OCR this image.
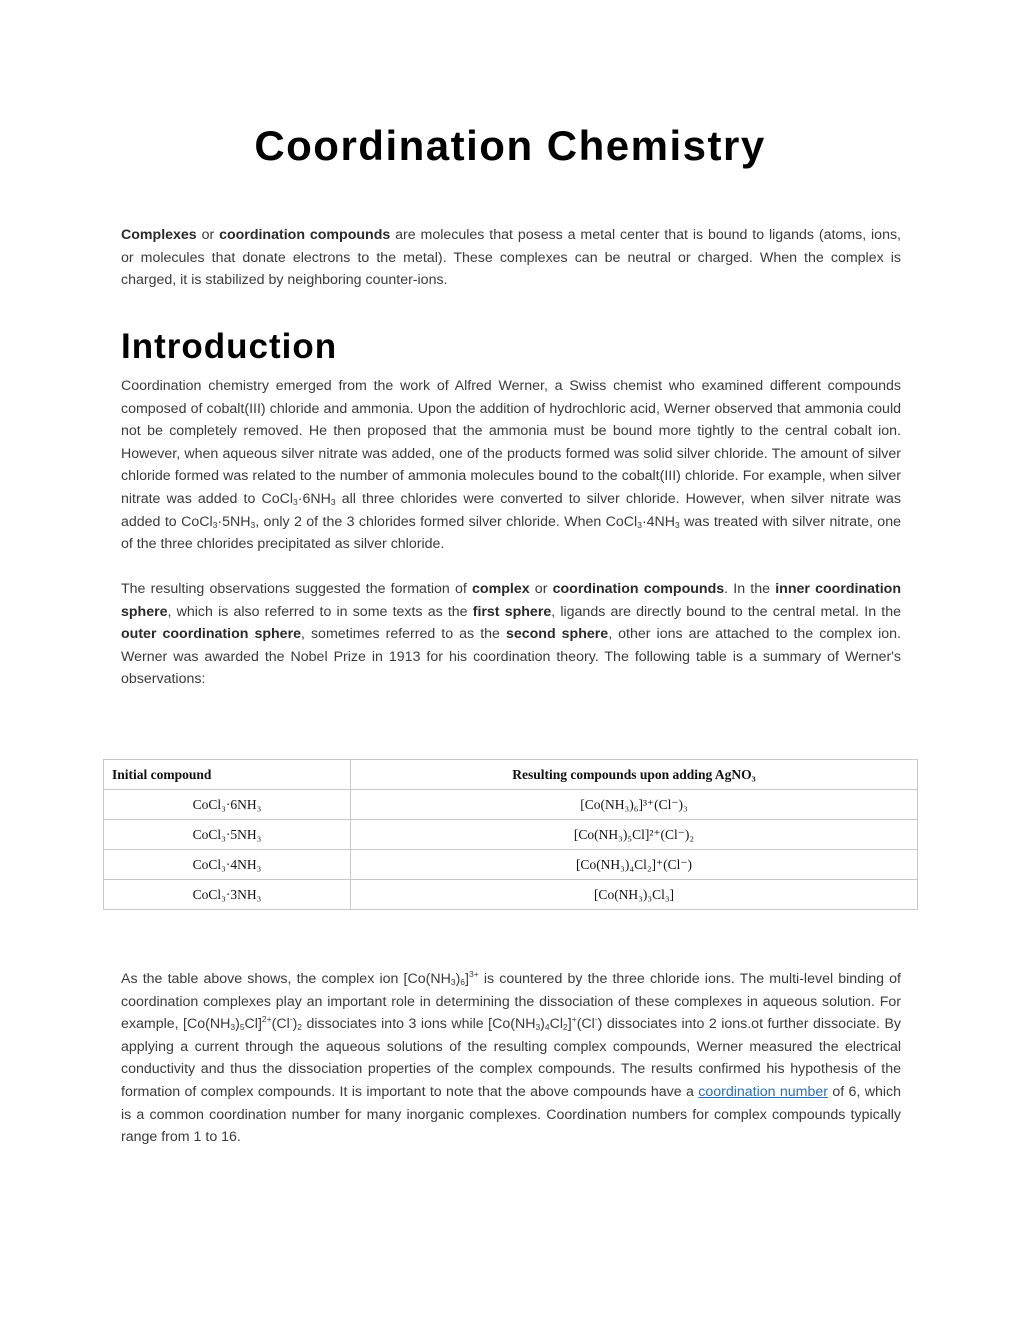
Coordination Chemistry

Complexes or coordination compounds are molecules that posess a metal center that is bound to ligands (atoms, ions, or molecules that donate electrons to the metal). These complexes can be neutral or charged. When the complex is charged, it is stabilized by neighboring counter-ions.

Introduction

Coordination chemistry emerged from the work of Alfred Werner, a Swiss chemist who examined different compounds composed of cobalt(III) chloride and ammonia. Upon the addition of hydrochloric acid, Werner observed that ammonia could not be completely removed. He then proposed that the ammonia must be bound more tightly to the central cobalt ion. However, when aqueous silver nitrate was added, one of the products formed was solid silver chloride. The amount of silver chloride formed was related to the number of ammonia molecules bound to the cobalt(III) chloride. For example, when silver nitrate was added to $CoCl_3\cdot 6NH_3$ all three chlorides were converted to silver chloride. However, when silver nitrate was added to $CoCl_3\cdot 5NH_3$, only 2 of the 3 chlorides formed silver chloride. When $CoCl_3\cdot 4NH_3$ was treated with silver nitrate, one of the three chlorides precipitated as silver chloride.

The resulting observations suggested the formation of complex or coordination compounds. In the inner coordination sphere, which is also referred to in some texts as the first sphere, ligands are directly bound to the central metal. In the outer coordination sphere, sometimes referred to as the second sphere, other ions are attached to the complex ion. Werner was awarded the Nobel Prize in 1913 for his coordination theory. The following table is a summary of Werner's observations:

Initial compound	Resulting compounds upon adding AgNO₃
CoCl₃·6NH₃	[Co(NH₃)₆]³⁺(Cl⁻)₃
CoCl₃·5NH₃	[Co(NH₃)₅Cl]²⁺(Cl⁻)₂
CoCl₃·4NH₃	[Co(NH₃)₄Cl₂]⁺(Cl⁻)
CoCl₃·3NH₃	[Co(NH₃)₃Cl₃]

As the table above shows, the complex ion $[Co(NH_3)_6]^{3+}$ is countered by the three chloride ions. The multi-level binding of coordination complexes play an important role in determining the dissociation of these complexes in aqueous solution. For example, $[Co(NH_3)_5Cl]^{2+}(Cl^-)_2$ dissociates into 3 ions while $[Co(NH_3)_4Cl_2]^+(Cl^-)$ dissociates into 2 ions.ot further dissociate. By applying a current through the aqueous solutions of the resulting complex compounds, Werner measured the electrical conductivity and thus the dissociation properties of the complex compounds. The results confirmed his hypothesis of the formation of complex compounds. It is important to note that the above compounds have a coordination number of 6, which is a common coordination number for many inorganic complexes. Coordination numbers for complex compounds typically range from 1 to 16.
